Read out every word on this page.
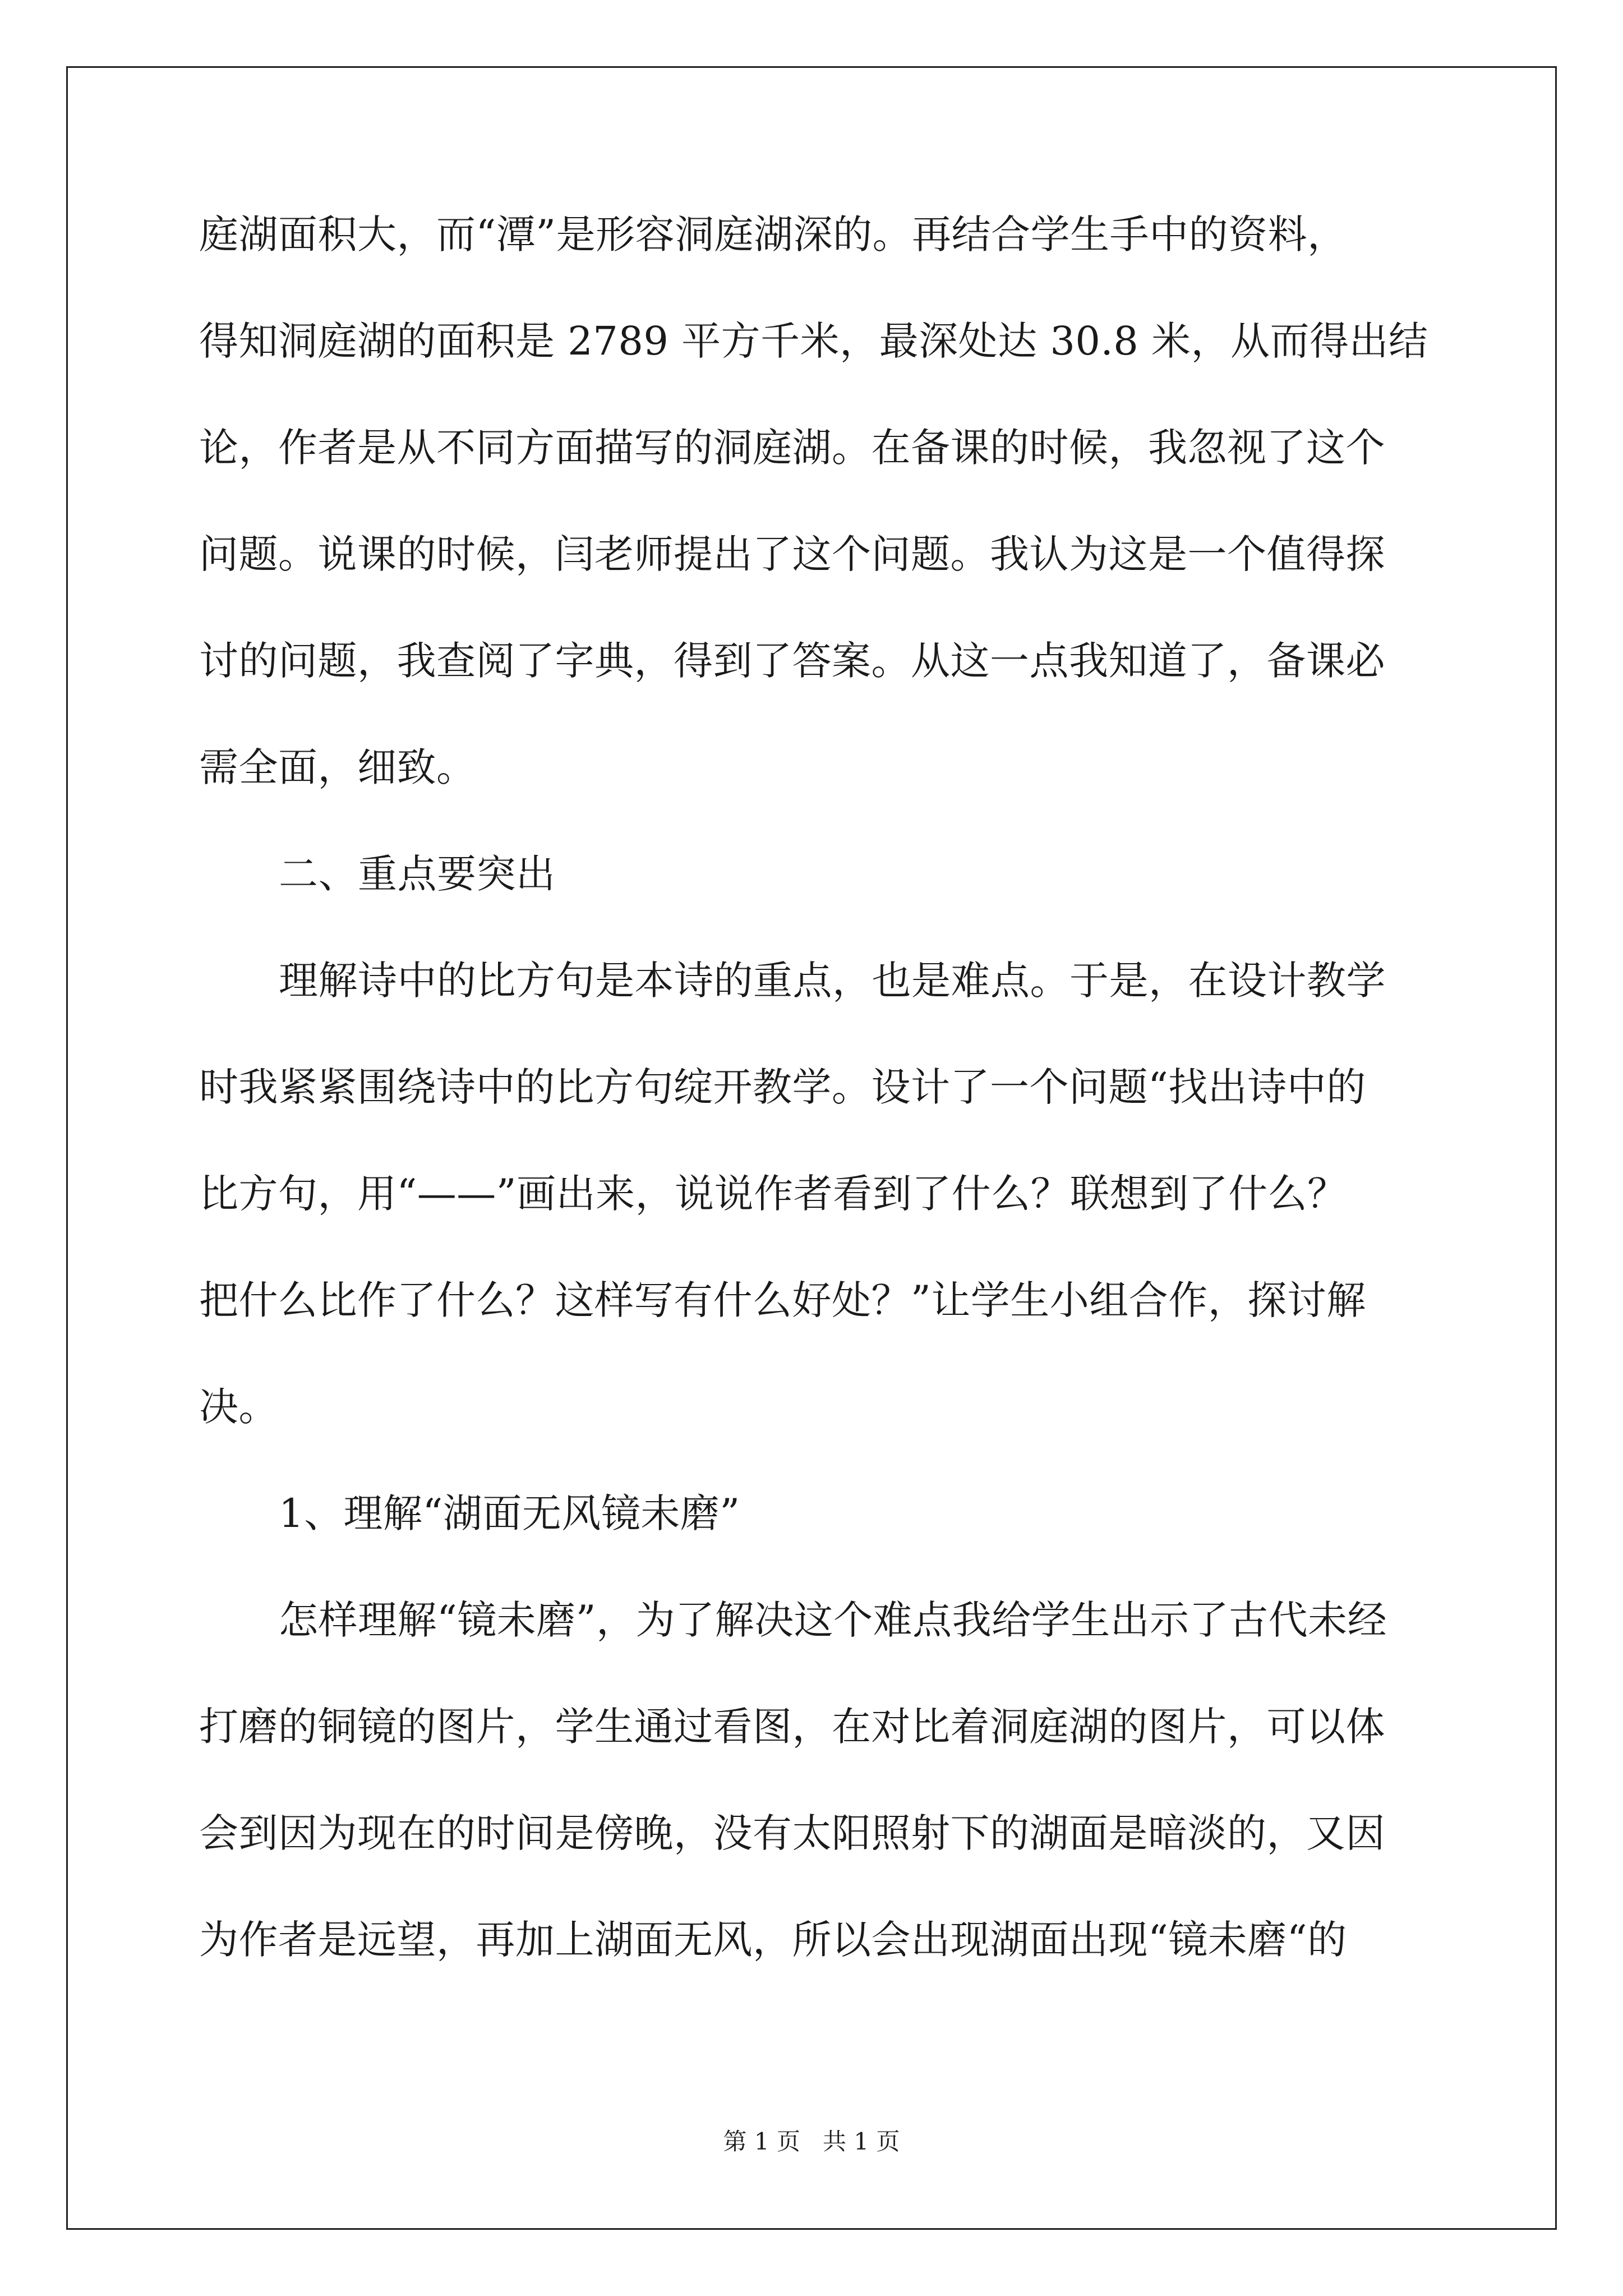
庭湖面积大，而“潭”是形容洞庭湖深的。再结合学生手中的资料，
得知洞庭湖的面积是 2789 平方千米，最深处达 30.8 米，从而得出结
论，作者是从不同方面描写的洞庭湖。在备课的时候，我忽视了这个
问题。说课的时候，闫老师提出了这个问题。我认为这是一个值得探
讨的问题，我查阅了字典，得到了答案。从这一点我知道了，备课必
需全面，细致。
二、重点要突出
理解诗中的比方句是本诗的重点，也是难点。于是，在设计教学
时我紧紧围绕诗中的比方句绽开教学。设计了一个问题“找出诗中的
比方句，用“——”画出来，说说作者看到了什么？联想到了什么？
把什么比作了什么？这样写有什么好处？”让学生小组合作，探讨解
决。
1、理解“湖面无风镜未磨”
怎样理解“镜未磨”，为了解决这个难点我给学生出示了古代未经
打磨的铜镜的图片，学生通过看图，在对比着洞庭湖的图片，可以体
会到因为现在的时间是傍晚，没有太阳照射下的湖面是暗淡的，又因
为作者是远望，再加上湖面无风，所以会出现湖面出现“镜未磨“的
第 1 页   共 1 页
